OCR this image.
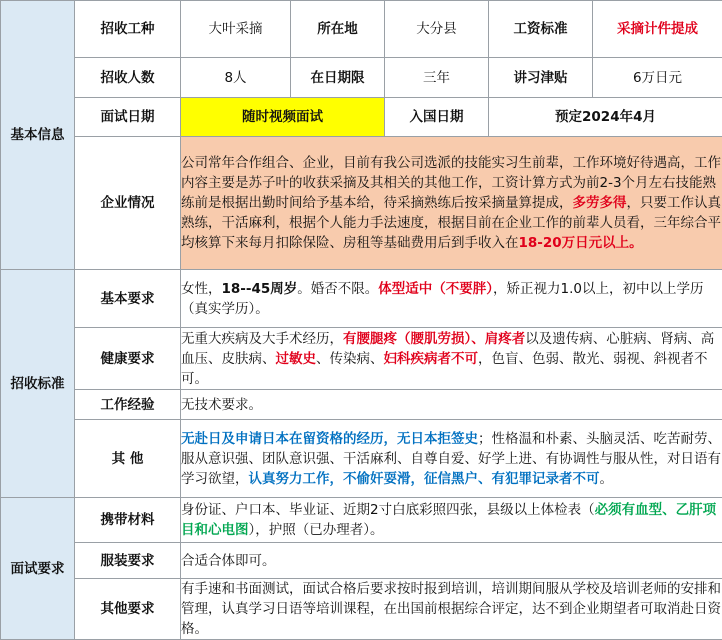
基本信息	招收工种	大叶采摘	所在地	大分县	工资标准	采摘计件提成
	招收人数	8人	在日期限	三年	讲习津贴	6万日元
	面试日期	随时视频面试		入国日期	预定2024年4月	
	企业情况	公司常年合作组合、企业，目前有我公司选派的技能实习生前辈，工作环境好待遇高，工作内容主要是苏子叶的收获采摘及其相关的其他工作，工资计算方式为前2-3个月左右技能熟练前是根据出勤时间给予基本给，待采摘熟练后按采摘量算提成，多劳多得，只要工作认真熟练，干活麻利，根据个人能力手法速度，根据目前在企业工作的前辈人员看，三年综合平均核算下来每月扣除保险、房租等基础费用后到手收入在18-20万日元以上。				
招收标准	基本要求	女性，18--45周岁。婚否不限。体型适中（不要胖），矫正视力1.0以上，初中以上学历（真实学历）。				
	健康要求	无重大疾病及大手术经历，有腰腿疼（腰肌劳损）、肩疼者以及遗传病、心脏病、肾病、高血压、皮肤病、过敏史、传染病、妇科疾病者不可，色盲、色弱、散光、弱视、斜视者不可。				
	工作经验	无技术要求。				
	其 他	无赴日及申请日本在留资格的经历，无日本拒签史；性格温和朴素、头脑灵活、吃苦耐劳、服从意识强、团队意识强、干活麻利、自尊自爱、好学上进、有协调性与服从性，对日语有学习欲望，认真努力工作，不偷奸耍滑，征信黑户、有犯罪记录者不可。				
面试要求	携带材料	身份证、户口本、毕业证、近期2寸白底彩照四张，县级以上体检表（必须有血型、乙肝项目和心电图），护照（已办理者）。				
	服装要求	合适合体即可。				
	其他要求	有手速和书面测试，面试合格后要求按时报到培训，培训期间服从学校及培训老师的安排和管理，认真学习日语等培训课程，在出国前根据综合评定，达不到企业期望者可取消赴日资格。				
